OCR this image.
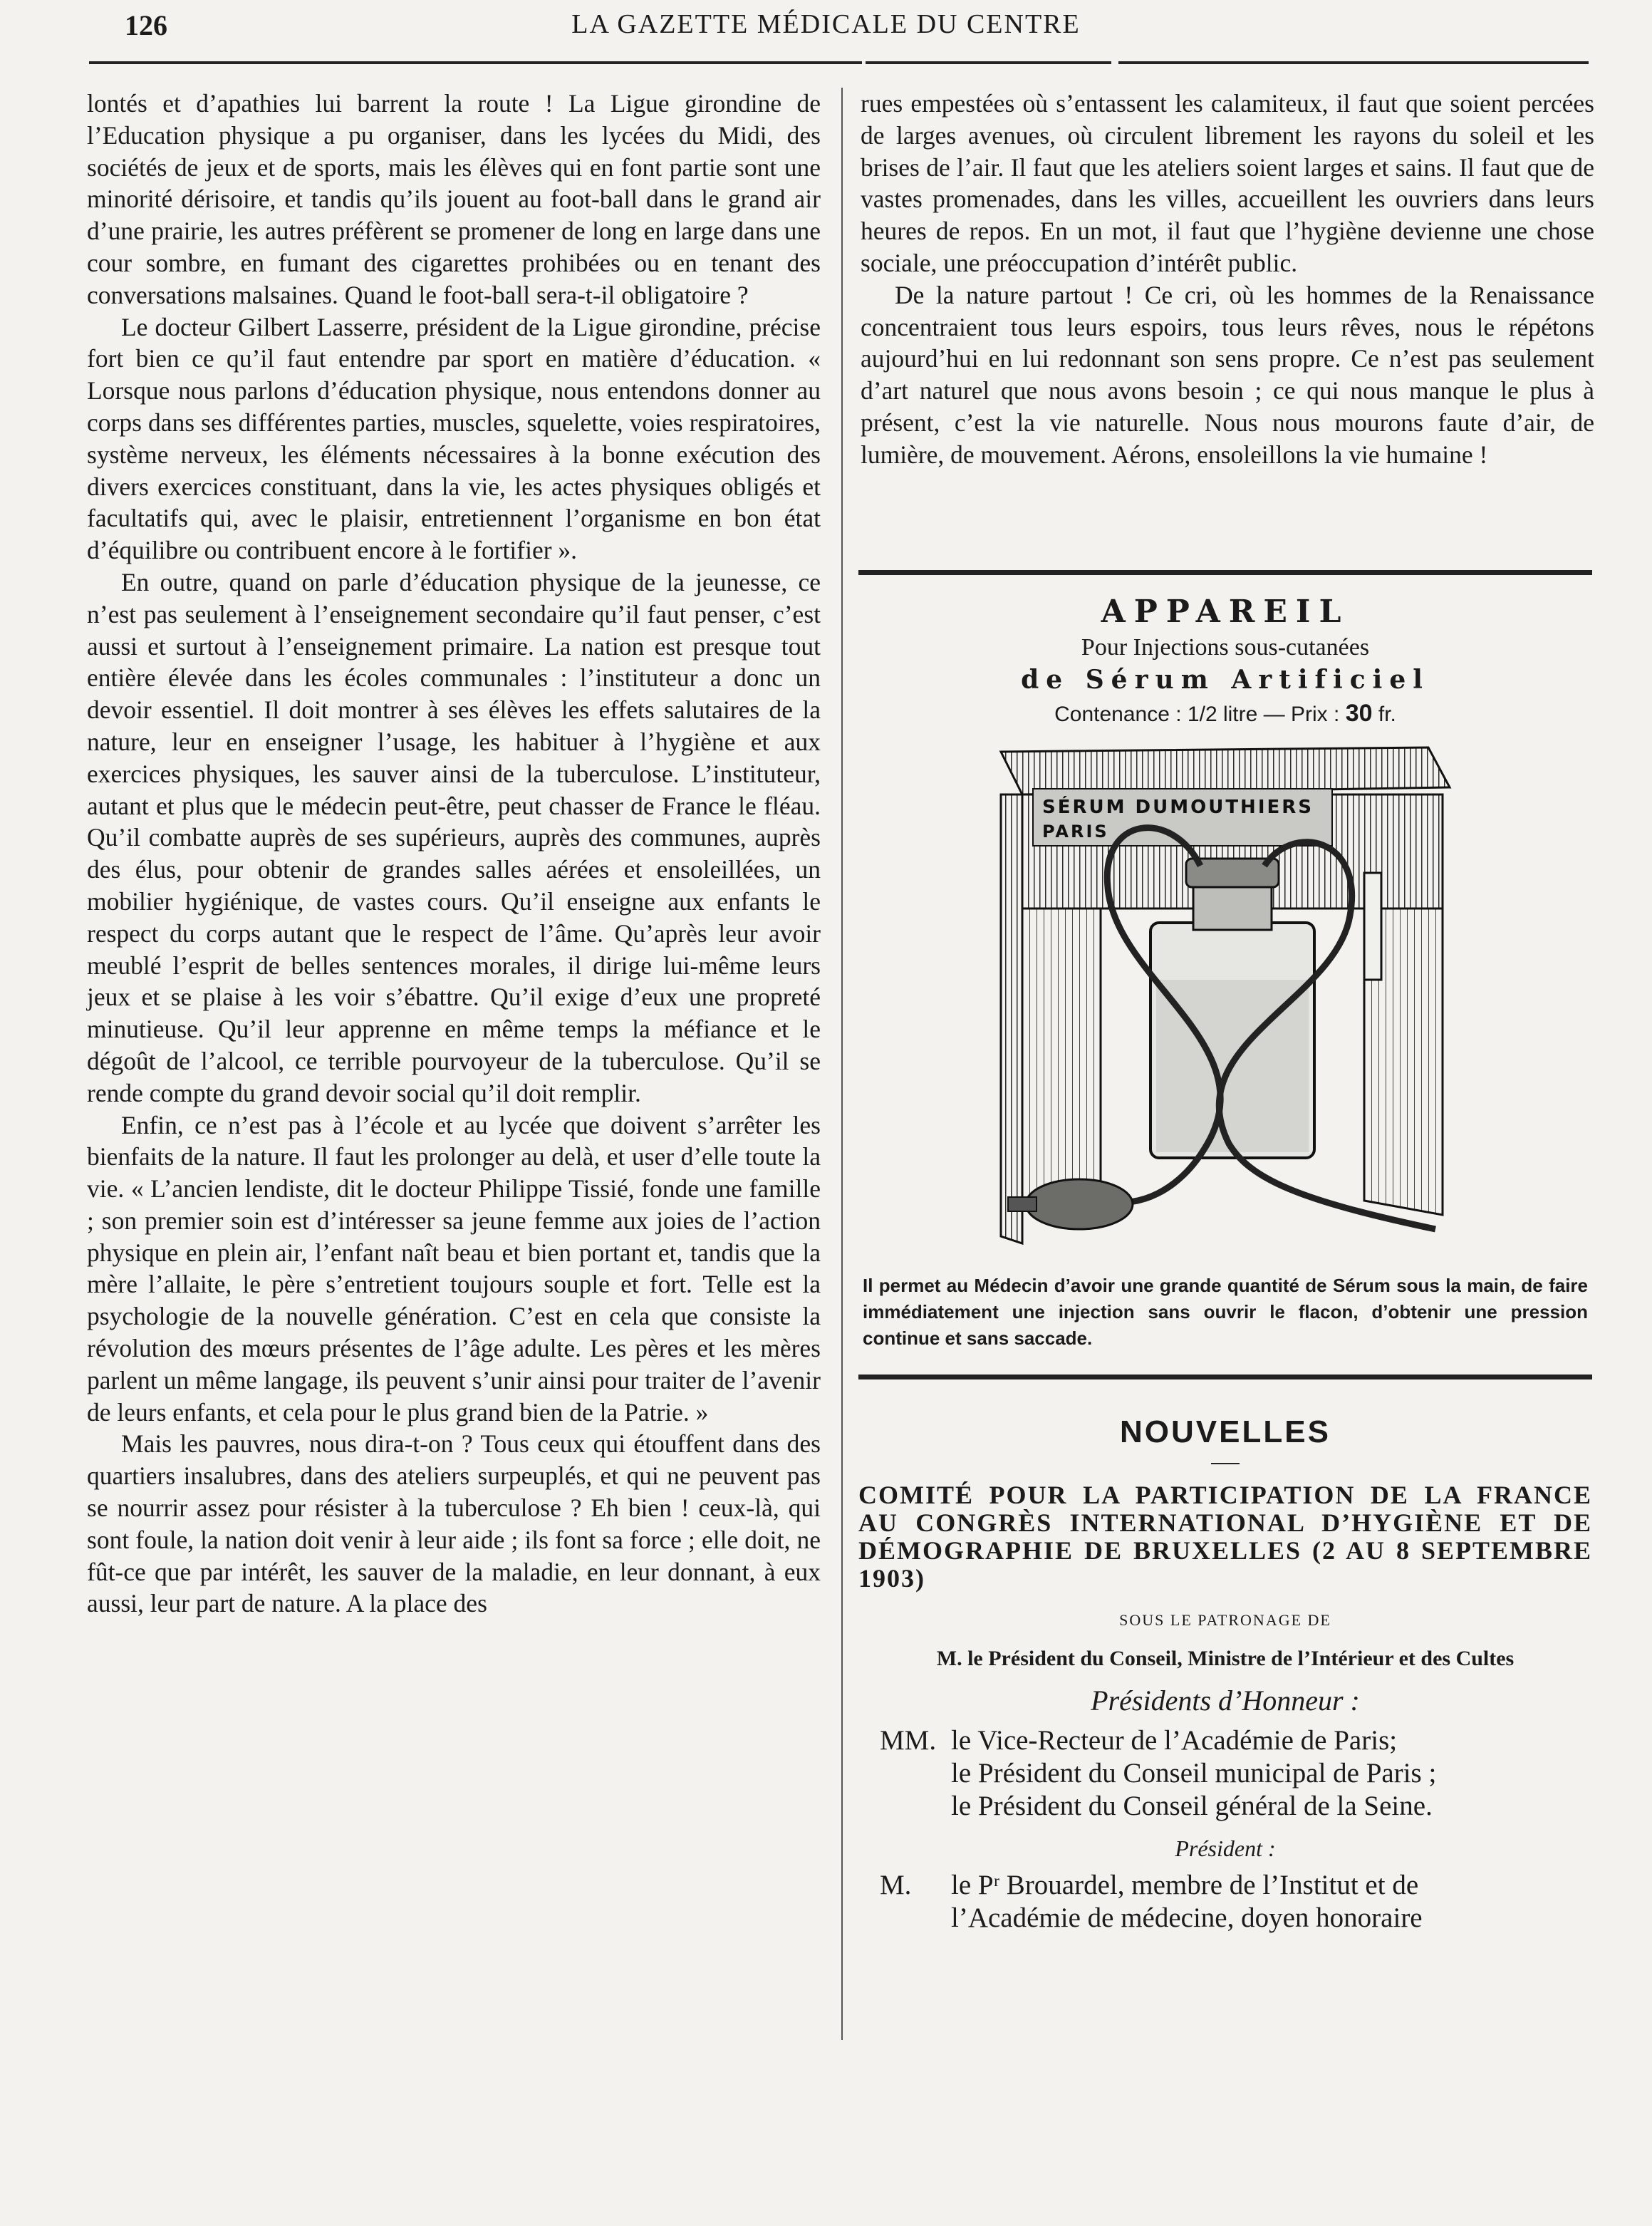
126	LA GAZETTE MÉDICALE DU CENTRE

lontés et d’apathies lui barrent la route ! La Ligue girondine de l’Education physique a pu organiser, dans les lycées du Midi, des sociétés de jeux et de sports, mais les élèves qui en font partie sont une minorité dérisoire, et tandis qu’ils jouent au foot-ball dans le grand air d’une prairie, les autres préfèrent se promener de long en large dans une cour sombre, en fumant des cigarettes prohibées ou en tenant des conversations malsaines. Quand le foot-ball sera-t-il obligatoire ?

Le docteur Gilbert Lasserre, président de la Ligue girondine, précise fort bien ce qu’il faut entendre par sport en matière d’éducation. « Lorsque nous parlons d’éducation physique, nous entendons donner au corps dans ses différentes parties, muscles, squelette, voies respiratoires, système nerveux, les éléments nécessaires à la bonne exécution des divers exercices constituant, dans la vie, les actes physiques obligés et facultatifs qui, avec le plaisir, entretiennent l’organisme en bon état d’équilibre ou contribuent encore à le fortifier ».

En outre, quand on parle d’éducation physique de la jeunesse, ce n’est pas seulement à l’enseignement secondaire qu’il faut penser, c’est aussi et surtout à l’enseignement primaire. La nation est presque tout entière élevée dans les écoles communales : l’instituteur a donc un devoir essentiel. Il doit montrer à ses élèves les effets salutaires de la nature, leur en enseigner l’usage, les habituer à l’hygiène et aux exercices physiques, les sauver ainsi de la tuberculose. L’instituteur, autant et plus que le médecin peut-être, peut chasser de France le fléau. Qu’il combatte auprès de ses supérieurs, auprès des communes, auprès des élus, pour obtenir de grandes salles aérées et ensoleillées, un mobilier hygiénique, de vastes cours. Qu’il enseigne aux enfants le respect du corps autant que le respect de l’âme. Qu’après leur avoir meublé l’esprit de belles sentences morales, il dirige lui-même leurs jeux et se plaise à les voir s’ébattre. Qu’il exige d’eux une propreté minutieuse. Qu’il leur apprenne en même temps la méfiance et le dégoût de l’alcool, ce terrible pourvoyeur de la tuberculose. Qu’il se rende compte du grand devoir social qu’il doit remplir.

Enfin, ce n’est pas à l’école et au lycée que doivent s’arrêter les bienfaits de la nature. Il faut les prolonger au delà, et user d’elle toute la vie. « L’ancien lendiste, dit le docteur Philippe Tissié, fonde une famille ; son premier soin est d’intéresser sa jeune femme aux joies de l’action physique en plein air, l’enfant naît beau et bien portant et, tandis que la mère l’allaite, le père s’entretient toujours souple et fort. Telle est la psychologie de la nouvelle génération. C’est en cela que consiste la révolution des mœurs présentes de l’âge adulte. Les pères et les mères parlent un même langage, ils peuvent s’unir ainsi pour traiter de l’avenir de leurs enfants, et cela pour le plus grand bien de la Patrie. »

Mais les pauvres, nous dira-t-on ? Tous ceux qui étouffent dans des quartiers insalubres, dans des ateliers surpeuplés, et qui ne peuvent pas se nourrir assez pour résister à la tuberculose ? Eh bien ! ceux-là, qui sont foule, la nation doit venir à leur aide ; ils font sa force ; elle doit, ne fût-ce que par intérêt, les sauver de la maladie, en leur donnant, à eux aussi, leur part de nature. A la place des

rues empestées où s’entassent les calamiteux, il faut que soient percées de larges avenues, où circulent librement les rayons du soleil et les brises de l’air. Il faut que les ateliers soient larges et sains. Il faut que de vastes promenades, dans les villes, accueillent les ouvriers dans leurs heures de repos. En un mot, il faut que l’hygiène devienne une chose sociale, une préoccupation d’intérêt public.

De la nature partout ! Ce cri, où les hommes de la Renaissance concentraient tous leurs espoirs, tous leurs rêves, nous le répétons aujourd’hui en lui redonnant son sens propre. Ce n’est pas seulement d’art naturel que nous avons besoin ; ce qui nous manque le plus à présent, c’est la vie naturelle. Nous nous mourons faute d’air, de lumière, de mouvement. Aérons, ensoleillons la vie humaine !

APPAREIL
Pour Injections sous-cutanées
de Sérum Artificiel
Contenance : 1/2 litre — Prix : 30 fr.
SÉRUM DUMOUTHIERS
PARIS
Il permet au Médecin d’avoir une grande quantité de Sérum sous la main, de faire immédiatement une injection sans ouvrir le flacon, d’obtenir une pression continue et sans saccade.
NOUVELLES
COMITÉ POUR LA PARTICIPATION DE LA FRANCE AU CONGRÈS INTERNATIONAL D’HYGIÈNE ET DE DÉMOGRAPHIE DE BRUXELLES (2 AU 8 SEPTEMBRE 1903)
SOUS LE PATRONAGE DE
M. le Président du Conseil, Ministre de l’Intérieur et des Cultes
Présidents d’Honneur :
MM. le Vice-Recteur de l’Académie de Paris;
le Président du Conseil municipal de Paris ;
le Président du Conseil général de la Seine.
Président :
M.	le Pʳ Brouardel, membre de l’Institut et de
l’Académie de médecine, doyen honoraire
